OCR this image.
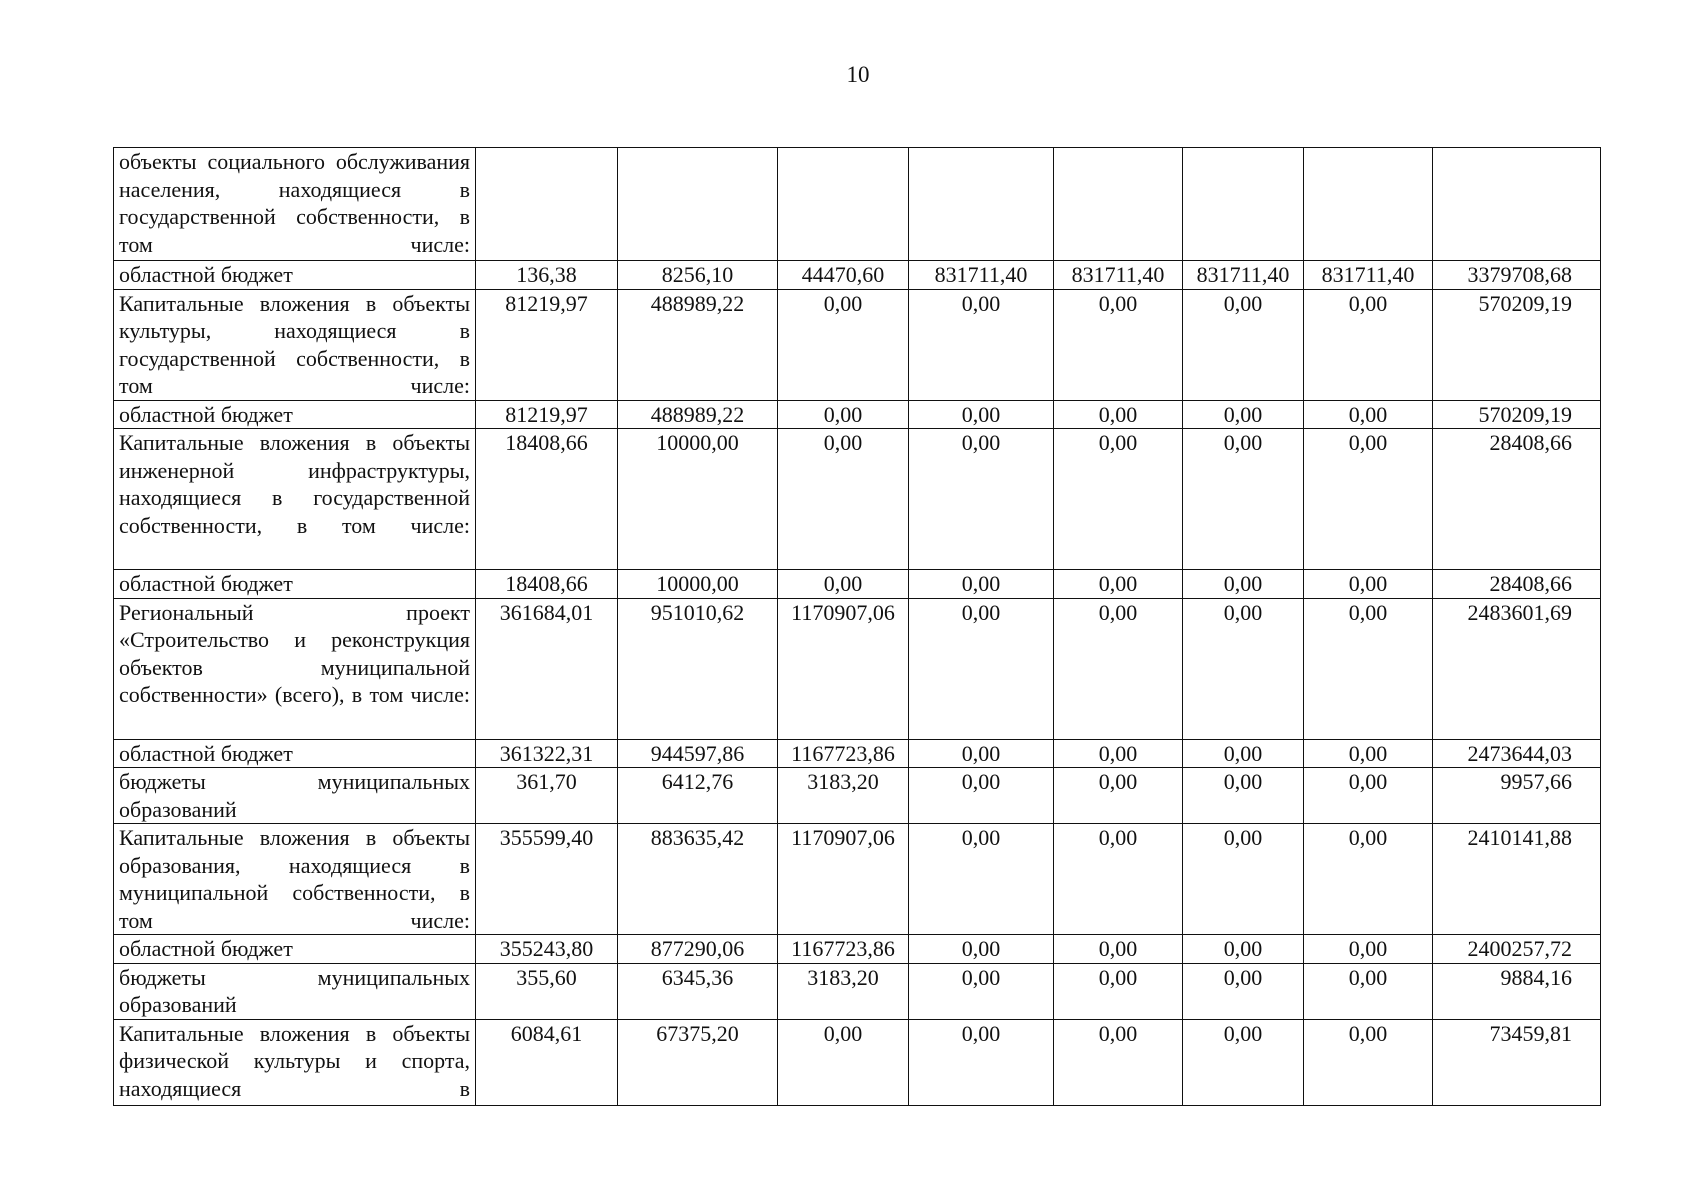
10
объекты социального обслуживания населения, находящиеся в государственной собственности, в том числе:								
областной бюджет	136,38	8256,10	44470,60	831711,40	831711,40	831711,40	831711,40	3379708,68
Капитальные вложения в объекты культуры, находящиеся в государственной собственности, в том числе:	81219,97	488989,22	0,00	0,00	0,00	0,00	0,00	570209,19
областной бюджет	81219,97	488989,22	0,00	0,00	0,00	0,00	0,00	570209,19
Капитальные вложения в объекты инженерной инфраструктуры, находящиеся в государственной собственности, в том числе:	18408,66	10000,00	0,00	0,00	0,00	0,00	0,00	28408,66
областной бюджет	18408,66	10000,00	0,00	0,00	0,00	0,00	0,00	28408,66
Региональный проект «Строительство и реконструкция объектов муниципальной собственности» (всего), в том числе:	361684,01	951010,62	1170907,06	0,00	0,00	0,00	0,00	2483601,69
областной бюджет	361322,31	944597,86	1167723,86	0,00	0,00	0,00	0,00	2473644,03
бюджеты муниципальных образований	361,70	6412,76	3183,20	0,00	0,00	0,00	0,00	9957,66
Капитальные вложения в объекты образования, находящиеся в муниципальной собственности, в том числе:	355599,40	883635,42	1170907,06	0,00	0,00	0,00	0,00	2410141,88
областной бюджет	355243,80	877290,06	1167723,86	0,00	0,00	0,00	0,00	2400257,72
бюджеты муниципальных образований	355,60	6345,36	3183,20	0,00	0,00	0,00	0,00	9884,16
Капитальные вложения в объекты физической культуры и спорта, находящиеся в	6084,61	67375,20	0,00	0,00	0,00	0,00	0,00	73459,81
